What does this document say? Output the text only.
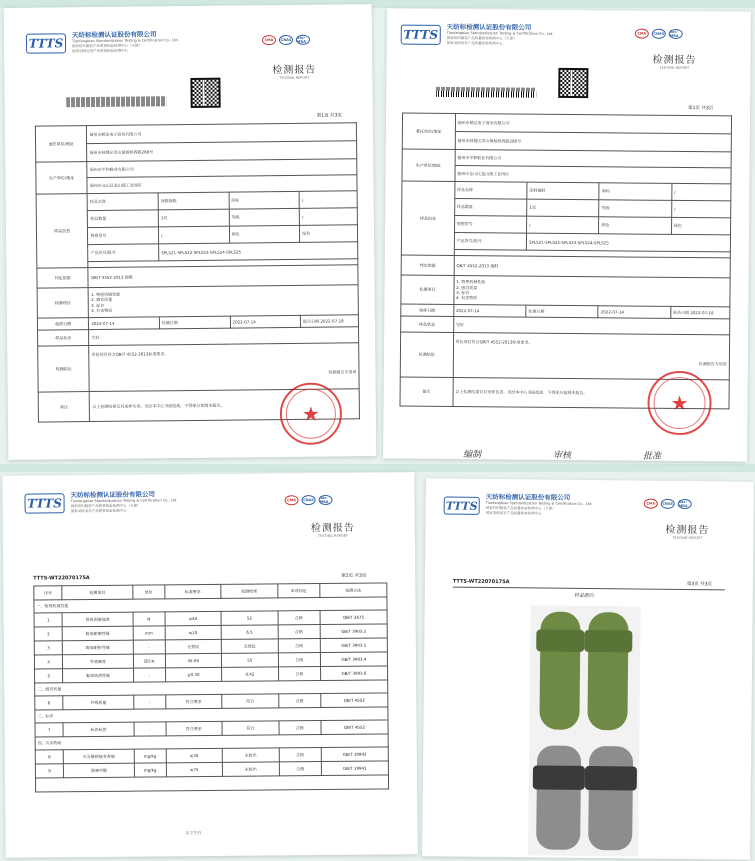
TTTS
天纺标检测认证股份有限公司
Tianfangbiao Standardization Testing & Certification Co., Ltd.
国家纺织服装产品质量检验检测中心（天津）
国家羽绒羽毛产品质量检验检测中心
CMA	CNAS
ilac-MRA
检测报告
TESTING REPORT
第1页 共3页
委托单位/地址	福州市鹤达电子商务有限公司			
	福州市鼓楼区洪山镇杨桥西路288号			
生产单位/地址	福州市平和鞋业有限公司			
	福州市仓山区盖山镇工业园区			
样品信息	样品名称	凉鞋拖鞋	商标	/
	样品数量	1双	等级	/
	规格型号	/	颜色	绿色
	产品货号/批号	SPLS21-SPLS22-SPLS23-SPLS24-SPLS25		

判定依据	QB/T 4552-2013 拖鞋			
检测项目	1. 物理机械性能
2. 感官质量
3. 标识
4. 有害物质			

收样日期	2022-07-14	检测日期	2022-07-14	报告日期 2022-07-18
样品状态	完好			
检测结论	所检项目符合QB/T 4552-2013标准要求。
检测报告专用章			

备注	以上检测结果仅对来样负责。未经本中心书面批准，不得部分复制本报告。				★
TTTS
天纺标检测认证股份有限公司
Tianfangbiao Standardization Testing & Certification Co., Ltd.
国家纺织服装产品质量检验检测中心（天津）
国家羽绒羽毛产品质量检验检测中心
CMA	CNAS	ilac-MRA
检测报告
TESTING REPORT
第1页 共3页
委托单位/地址	福州市鹤达电子商务有限公司			
	福州市鼓楼区洪山镇杨桥西路288号			
生产单位/地址	福州市平和鞋业有限公司			
	福州市仓山区盖山镇工业园区			
样品信息	样品名称	凉鞋拖鞋	商标	/
	样品数量	1双	等级	/
	规格型号	/	颜色	绿色
	产品货号/批号	SPLS21-SPLS22-SPLS23-SPLS24-SPLS25		

判定依据	QB/T 4552-2013 拖鞋			
检测项目	1. 物理机械性能
2. 感官质量
3. 标识
4. 有害物质			

收样日期	2022-07-14	检测日期	2022-07-14	报告日期 2022-07-18
样品状态	完好			
检测结论	所检项目符合QB/T 4552-2013标准要求。
检测报告专用章			

备注	以上检测结果仅对来样负责。未经本中心书面批准，不得部分复制本报告。				★
编制	审核	批准
TTTS
天纺标检测认证股份有限公司
Tianfangbiao Standardization Testing & Certification Co., Ltd.
国家纺织服装产品质量检验检测中心（天津）
国家羽绒羽毛产品质量检验检测中心
CMA	CNAS
ilac-MRA
检测报告
TESTING REPORT
TTTS-WT22070175A	第2页 共3页
序号	检测项目	单位	标准要求	检测结果	单项判定	检测方法
一、物理机械性能						
1	帮底剥离强度	N	≥40	52	合格	QB/T 2675
2	鞋底耐磨性能	mm	≤10	6.5	合格	GB/T 3903.2
3	鞋底耐折性能	-	无裂纹	无裂纹	合格	GB/T 3903.1
4	外底硬度	邵尔A	45-65	55	合格	GB/T 3903.4
5	鞋底防滑性能	-	≥0.30	0.42	合格	GB/T 3903.6
二、感官质量						
6	外观质量	-	符合要求	符合	合格	QB/T 4552
三、标识						
7	标识标签	-	符合要求	符合	合格	QB/T 4552
四、有害物质						
8	可分解致癌芳香胺	mg/kg	≤30	未检出	合格	GB/T 19942
9	游离甲醛	mg/kg	≤75	未检出	合格	GB/T 19941

以下空白
TTTS
天纺标检测认证股份有限公司
Tianfangbiao Standardization Testing & Certification Co., Ltd.
国家纺织服装产品质量检验检测中心（天津）
国家羽绒羽毛产品质量检验检测中心
CMA	CNAS	ilac-MRA
检测报告
TESTING REPORT
TTTS-WT22070175A	第3页 共3页
样品照片
